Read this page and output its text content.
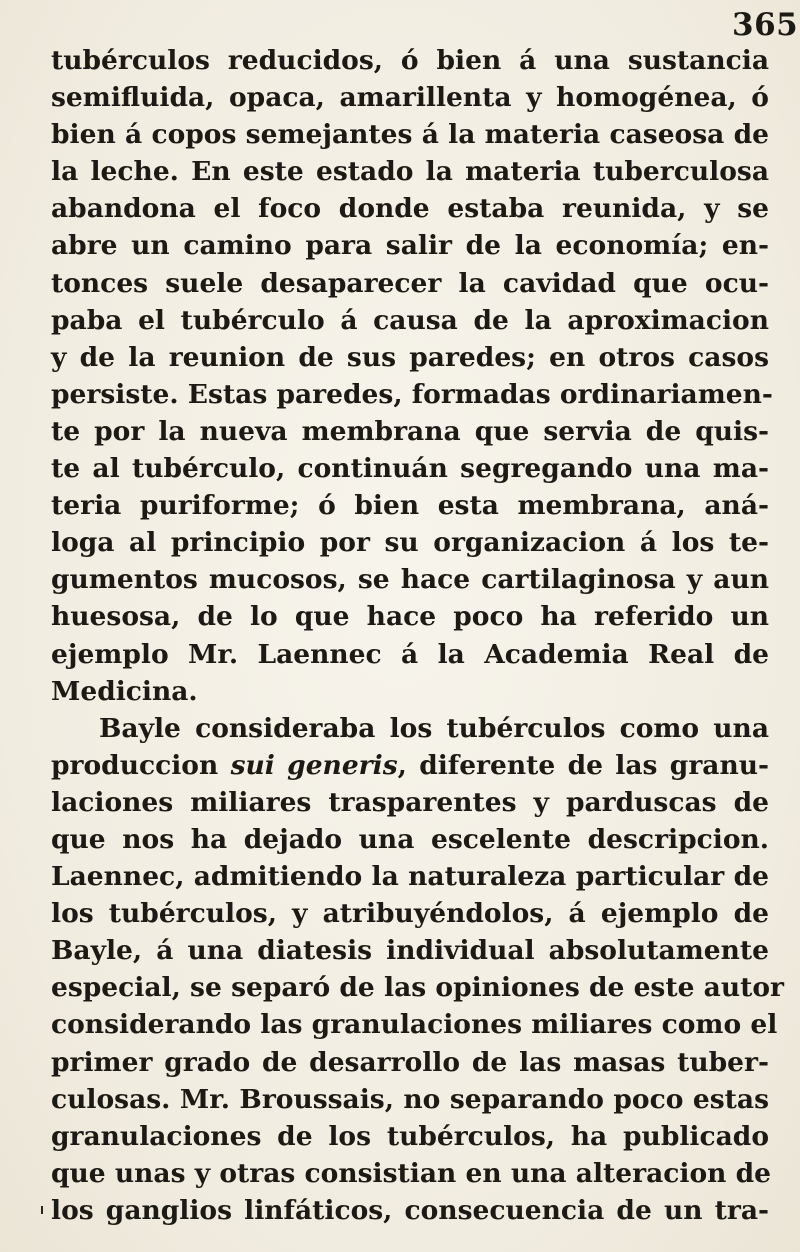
365
tubérculos reducidos, ó bien á una sustancia
semifluida, opaca, amarillenta y homogénea, ó
bien á copos semejantes á la materia caseosa de
la leche. En este estado la materia tuberculosa
abandona el foco donde estaba reunida, y se
abre un camino para salir de la economía; en-
tonces suele desaparecer la cavidad que ocu-
paba el tubérculo á causa de la aproximacion
y de la reunion de sus paredes; en otros casos
persiste. Estas paredes, formadas ordinariamen-
te por la nueva membrana que servia de quis-
te al tubérculo, continuán segregando una ma-
teria puriforme; ó bien esta membrana, aná-
loga al principio por su organizacion á los te-
gumentos mucosos, se hace cartilaginosa y aun
huesosa, de lo que hace poco ha referido un
ejemplo Mr. Laennec á la Academia Real de
Medicina.
Bayle consideraba los tubérculos como una
produccion sui generis, diferente de las granu-
laciones miliares trasparentes y parduscas de
que nos ha dejado una escelente descripcion.
Laennec, admitiendo la naturaleza particular de
los tubérculos, y atribuyéndolos, á ejemplo de
Bayle, á una diatesis individual absolutamente
especial, se separó de las opiniones de este autor
considerando las granulaciones miliares como el
primer grado de desarrollo de las masas tuber-
culosas. Mr. Broussais, no separando poco estas
granulaciones de los tubérculos, ha publicado
que unas y otras consistian en una alteracion de
los ganglios linfáticos, consecuencia de un tra-
